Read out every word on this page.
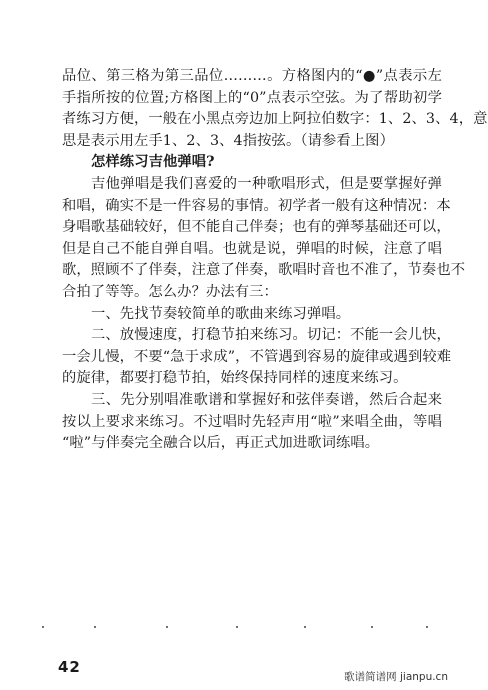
品位、第三格为第三品位………。方格图内的“●”点表示左
手指所按的位置;方格图上的“0”点表示空弦。为了帮助初学
者练习方便，一般在小黑点旁边加上阿拉伯数字：1、2、3、4，意
思是表示用左手1、2、3、4指按弦。（请参看上图）
怎样练习吉他弹唱?
吉他弹唱是我们喜爱的一种歌唱形式，但是要掌握好弹
和唱，确实不是一件容易的事情。初学者一般有这种情况：本
身唱歌基础较好，但不能自己伴奏；也有的弹琴基础还可以，
但是自己不能自弹自唱。也就是说，弹唱的时候，注意了唱
歌，照顾不了伴奏，注意了伴奏，歌唱时音也不准了，节奏也不
合拍了等等。怎么办？办法有三：
一、先找节奏较简单的歌曲来练习弹唱。
二、放慢速度，打稳节拍来练习。切记：不能一会儿快，
一会儿慢，不要“急于求成”，不管遇到容易的旋律或遇到较难
的旋律，都要打稳节拍，始终保持同样的速度来练习。
三、先分别唱准歌谱和掌握好和弦伴奏谱，然后合起来
按以上要求来练习。不过唱时先轻声用“啦”来唱全曲，等唱
“啦”与伴奏完全融合以后，再正式加进歌词练唱。
42
歌谱简谱网 jianpu.cn
